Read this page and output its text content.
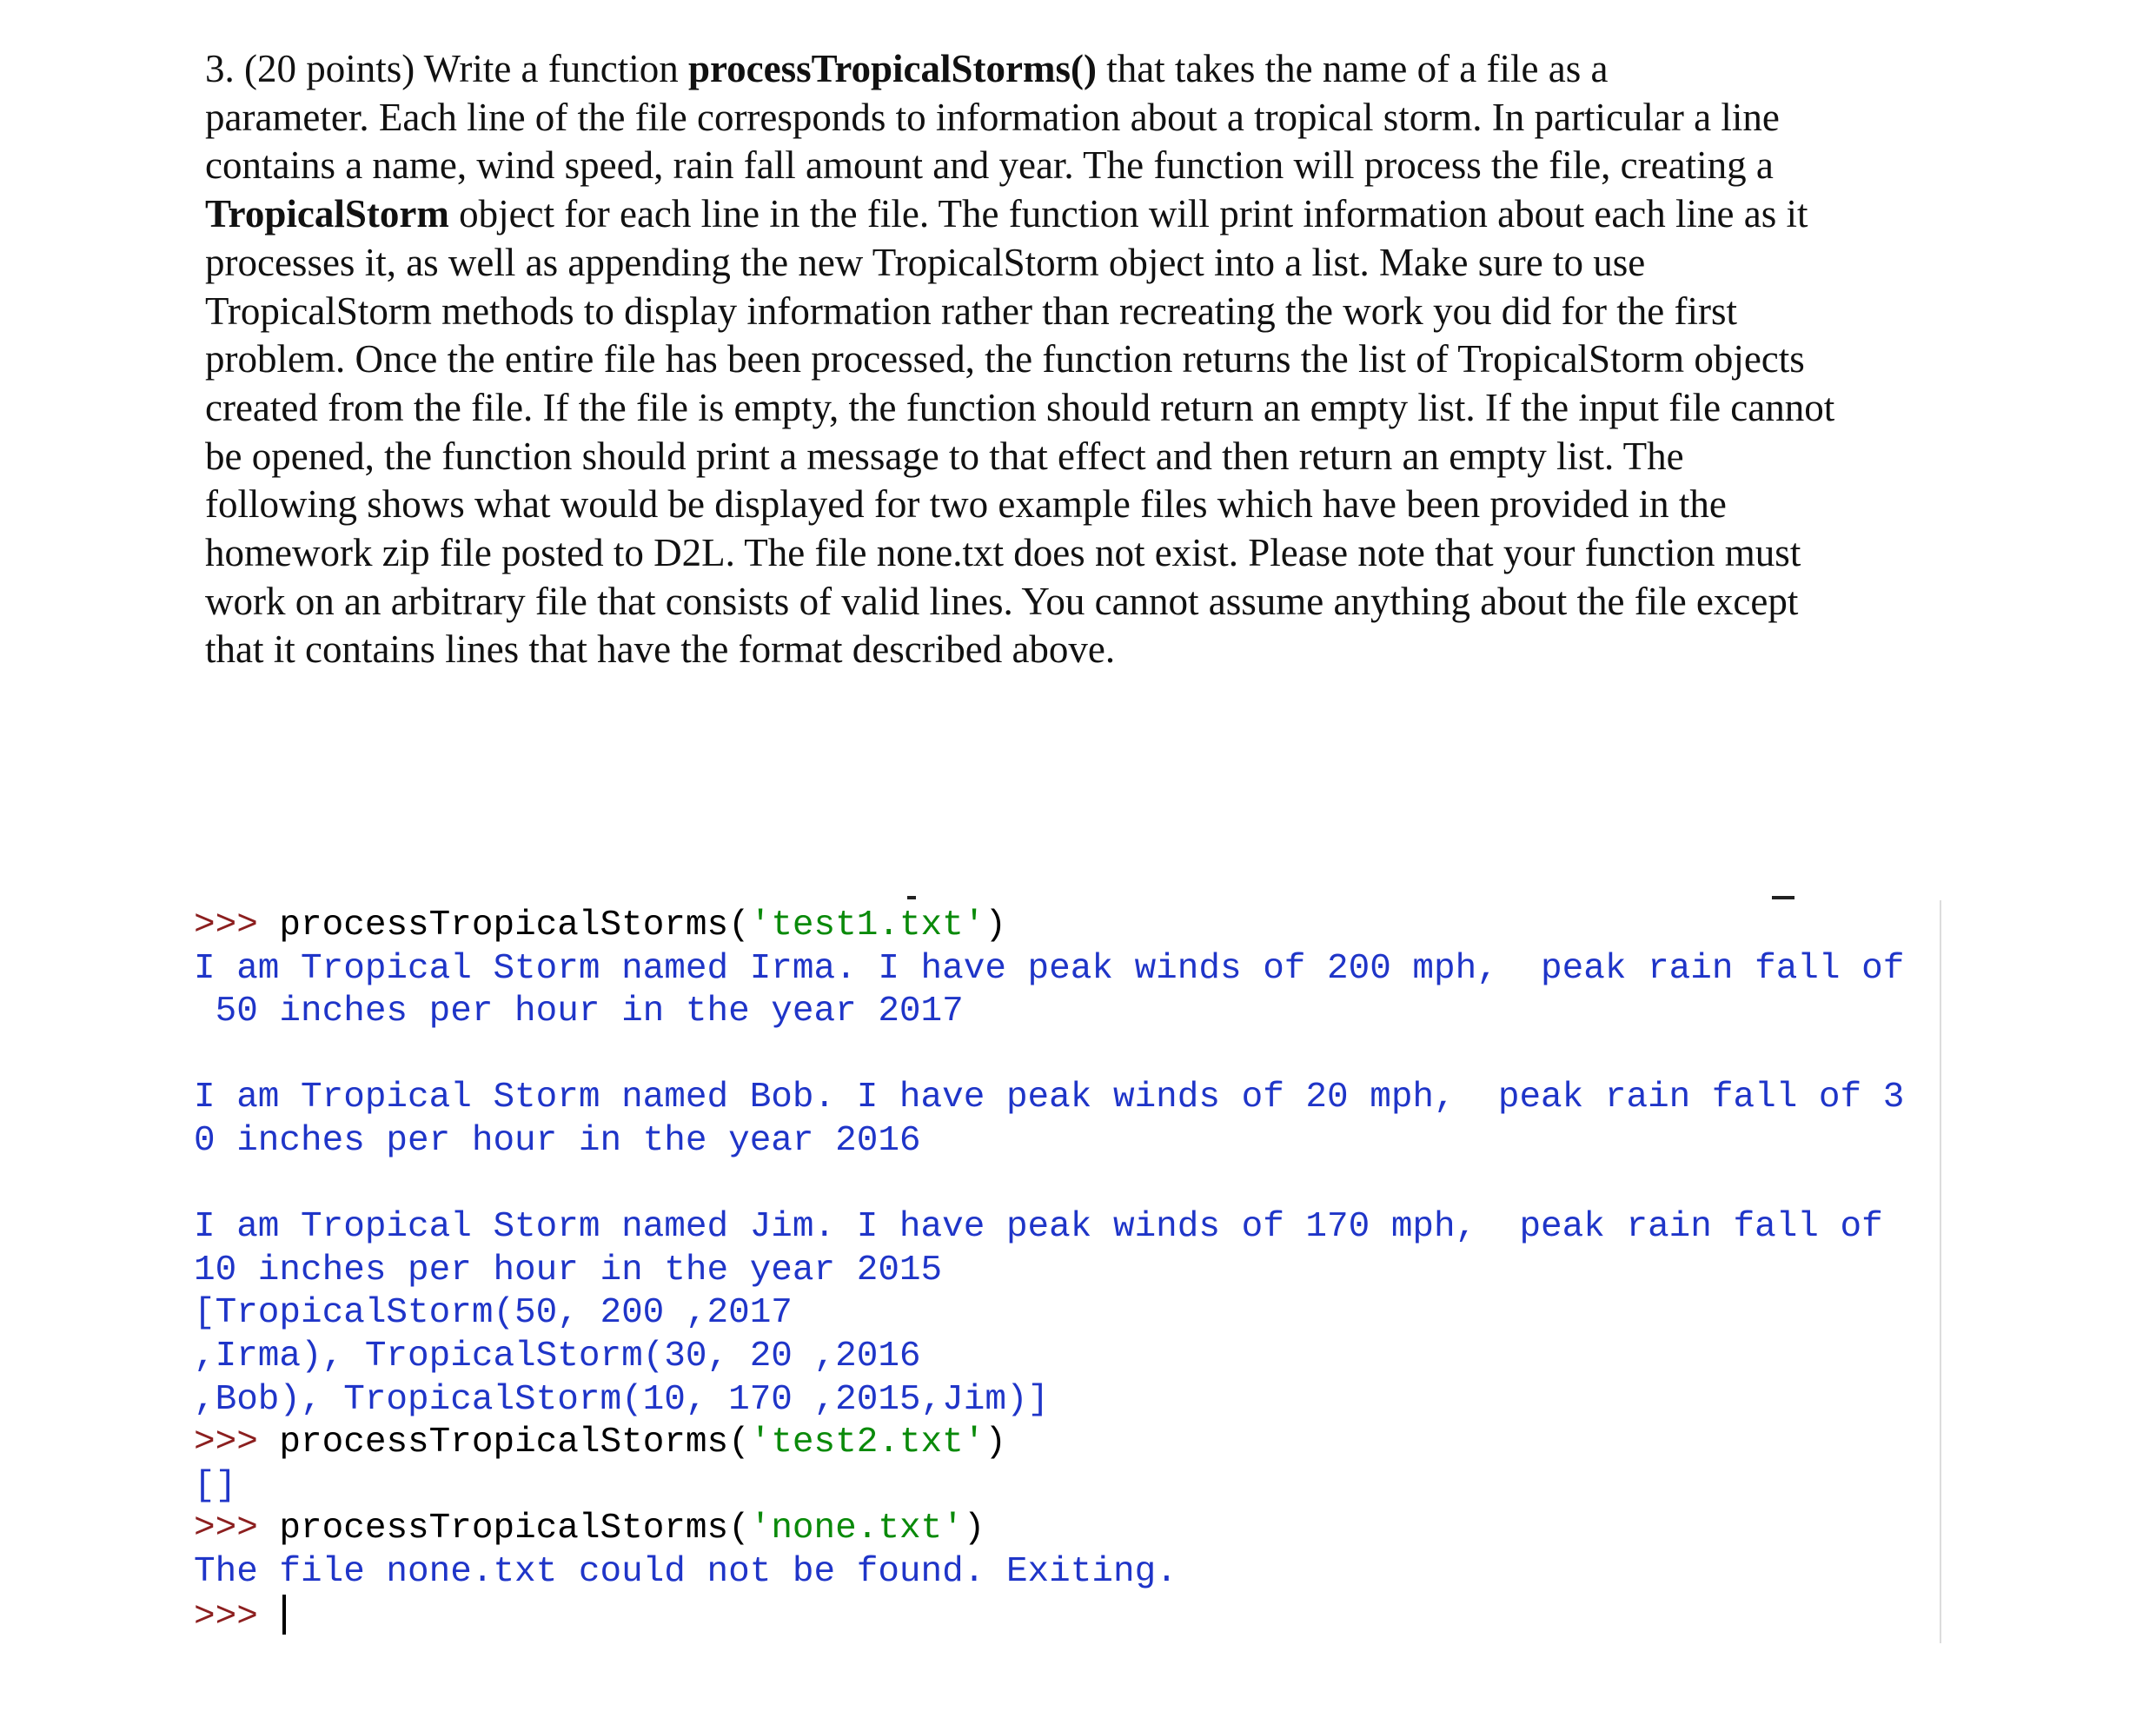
3. (20 points) Write a function processTropicalStorms() that takes the name of a file as a
parameter. Each line of the file corresponds to information about a tropical storm. In particular a line
contains a name, wind speed, rain fall amount and year. The function will process the file, creating a
TropicalStorm object for each line in the file. The function will print information about each line as it
processes it, as well as appending the new TropicalStorm object into a list. Make sure to use
TropicalStorm methods to display information rather than recreating the work you did for the first
problem. Once the entire file has been processed, the function returns the list of TropicalStorm objects
created from the file. If the file is empty, the function should return an empty list. If the input file cannot
be opened, the function should print a message to that effect and then return an empty list. The
following shows what would be displayed for two example files which have been provided in the
homework zip file posted to D2L. The file none.txt does not exist. Please note that your function must
work on an arbitrary file that consists of valid lines. You cannot assume anything about the file except
that it contains lines that have the format described above.
>>> processTropicalStorms('test1.txt')
I am Tropical Storm named Irma. I have peak winds of 200 mph,  peak rain fall of
50 inches per hour in the year 2017
I am Tropical Storm named Bob. I have peak winds of 20 mph,  peak rain fall of 3
0 inches per hour in the year 2016
I am Tropical Storm named Jim. I have peak winds of 170 mph,  peak rain fall of
10 inches per hour in the year 2015
[TropicalStorm(50, 200 ,2017
,Irma), TropicalStorm(30, 20 ,2016
,Bob), TropicalStorm(10, 170 ,2015,Jim)]
>>> processTropicalStorms('test2.txt')
[]
>>> processTropicalStorms('none.txt')
The file none.txt could not be found. Exiting.
>>>
